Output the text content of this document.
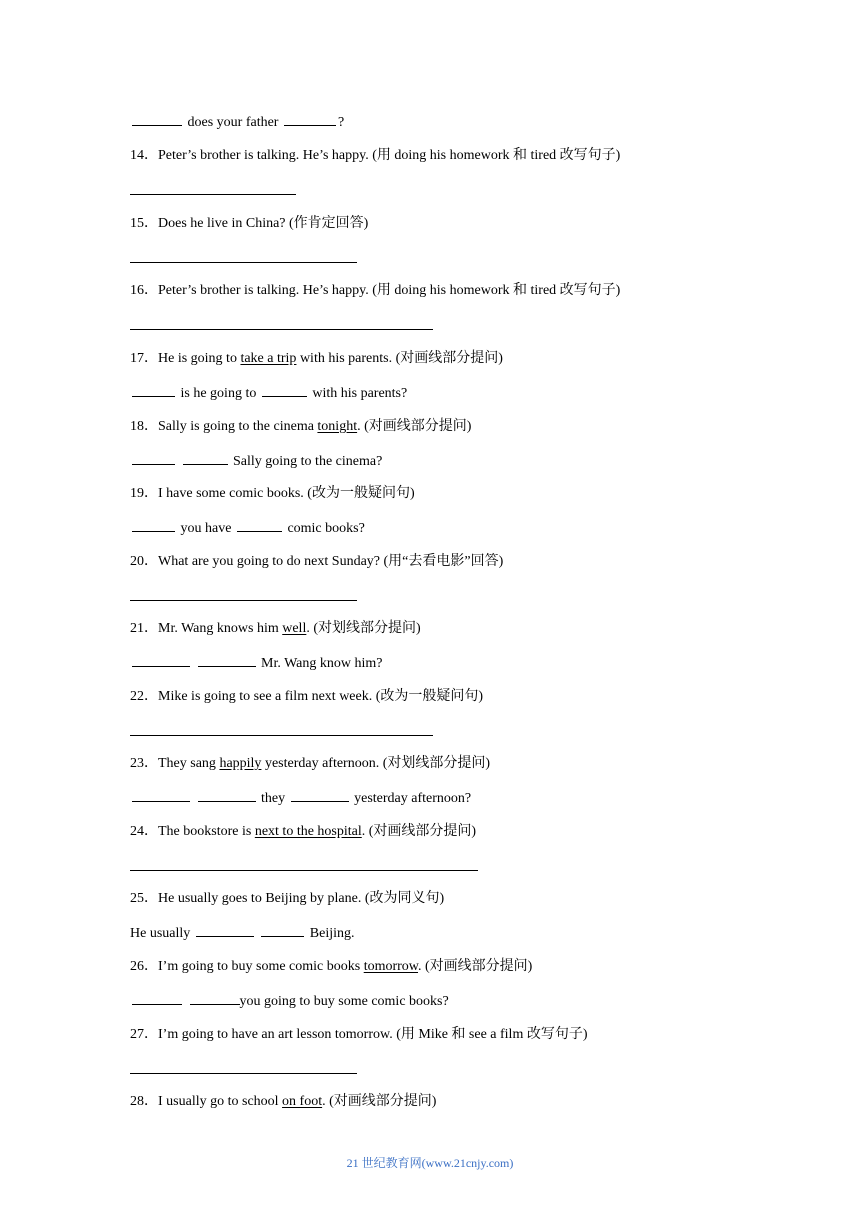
does your father	?
14．Peter’s brother is talking. He’s happy. (用 doing his homework 和 tired 改写句子)
15．Does he live in China? (作肯定回答)
16．Peter’s brother is talking. He’s happy. (用 doing his homework 和 tired 改写句子)
17．He is going to take a trip with his parents. (对画线部分提问)
is he going to	with his parents?
18．Sally is going to the cinema tonight. (对画线部分提问)
Sally going to the cinema?
19．I have some comic books. (改为一般疑问句)
you have	comic books?
20．What are you going to do next Sunday? (用“去看电影”回答)
21．Mr. Wang knows him well. (对划线部分提问)
Mr. Wang know him?
22．Mike is going to see a film next week. (改为一般疑问句)
23．They sang happily yesterday afternoon. (对划线部分提问)
they	yesterday afternoon?
24．The bookstore is next to the hospital. (对画线部分提问)
25．He usually goes to Beijing by plane. (改为同义句)
He usually	Beijing.
26．I’m going to buy some comic books tomorrow. (对画线部分提问)
you going to buy some comic books?
27．I’m going to have an art lesson tomorrow. (用 Mike 和 see a film 改写句子)
28．I usually go to school on foot. (对画线部分提问)
21 世纪教育网(www.21cnjy.com)
